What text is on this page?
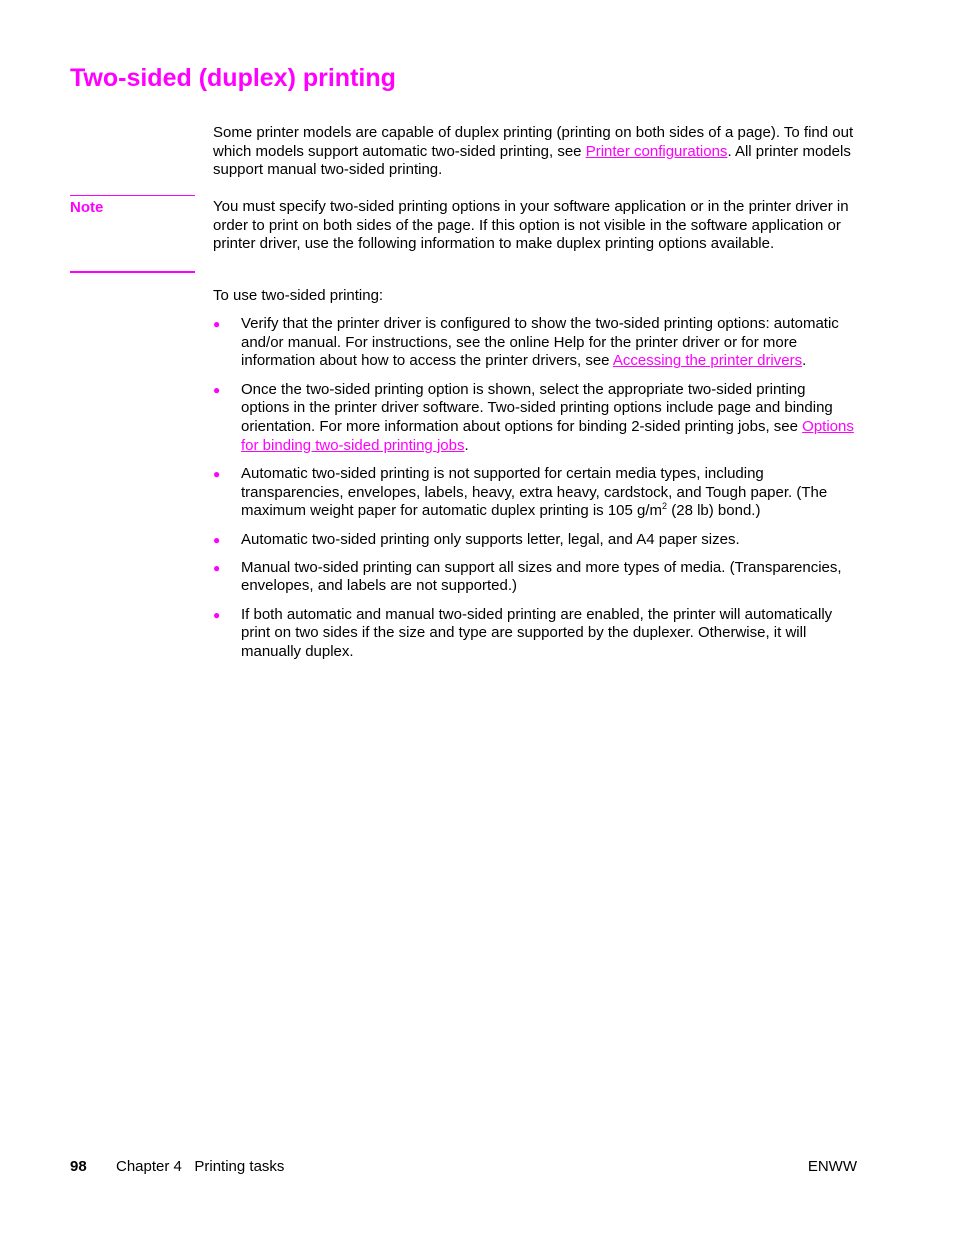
Two-sided (duplex) printing

Some printer models are capable of duplex printing (printing on both sides of a page). To find out which models support automatic two-sided printing, see Printer configurations. All printer models support manual two-sided printing.

Note	You must specify two-sided printing options in your software application or in the printer driver in order to print on both sides of the page. If this option is not visible in the software application or printer driver, use the following information to make duplex printing options available.

To use two-sided printing:

● Verify that the printer driver is configured to show the two-sided printing options: automatic and/or manual. For instructions, see the online Help for the printer driver or for more information about how to access the printer drivers, see Accessing the printer drivers.
● Once the two-sided printing option is shown, select the appropriate two-sided printing options in the printer driver software. Two-sided printing options include page and binding orientation. For more information about options for binding 2-sided printing jobs, see Options for binding two-sided printing jobs.
● Automatic two-sided printing is not supported for certain media types, including transparencies, envelopes, labels, heavy, extra heavy, cardstock, and Tough paper. (The maximum weight paper for automatic duplex printing is 105 $g/m^2$ (28 lb) bond.)
● Automatic two-sided printing only supports letter, legal, and A4 paper sizes.
● Manual two-sided printing can support all sizes and more types of media. (Transparencies, envelopes, and labels are not supported.)
● If both automatic and manual two-sided printing are enabled, the printer will automatically print on two sides if the size and type are supported by the duplexer. Otherwise, it will manually duplex.
98 Chapter 4   Printing tasks	ENWW
